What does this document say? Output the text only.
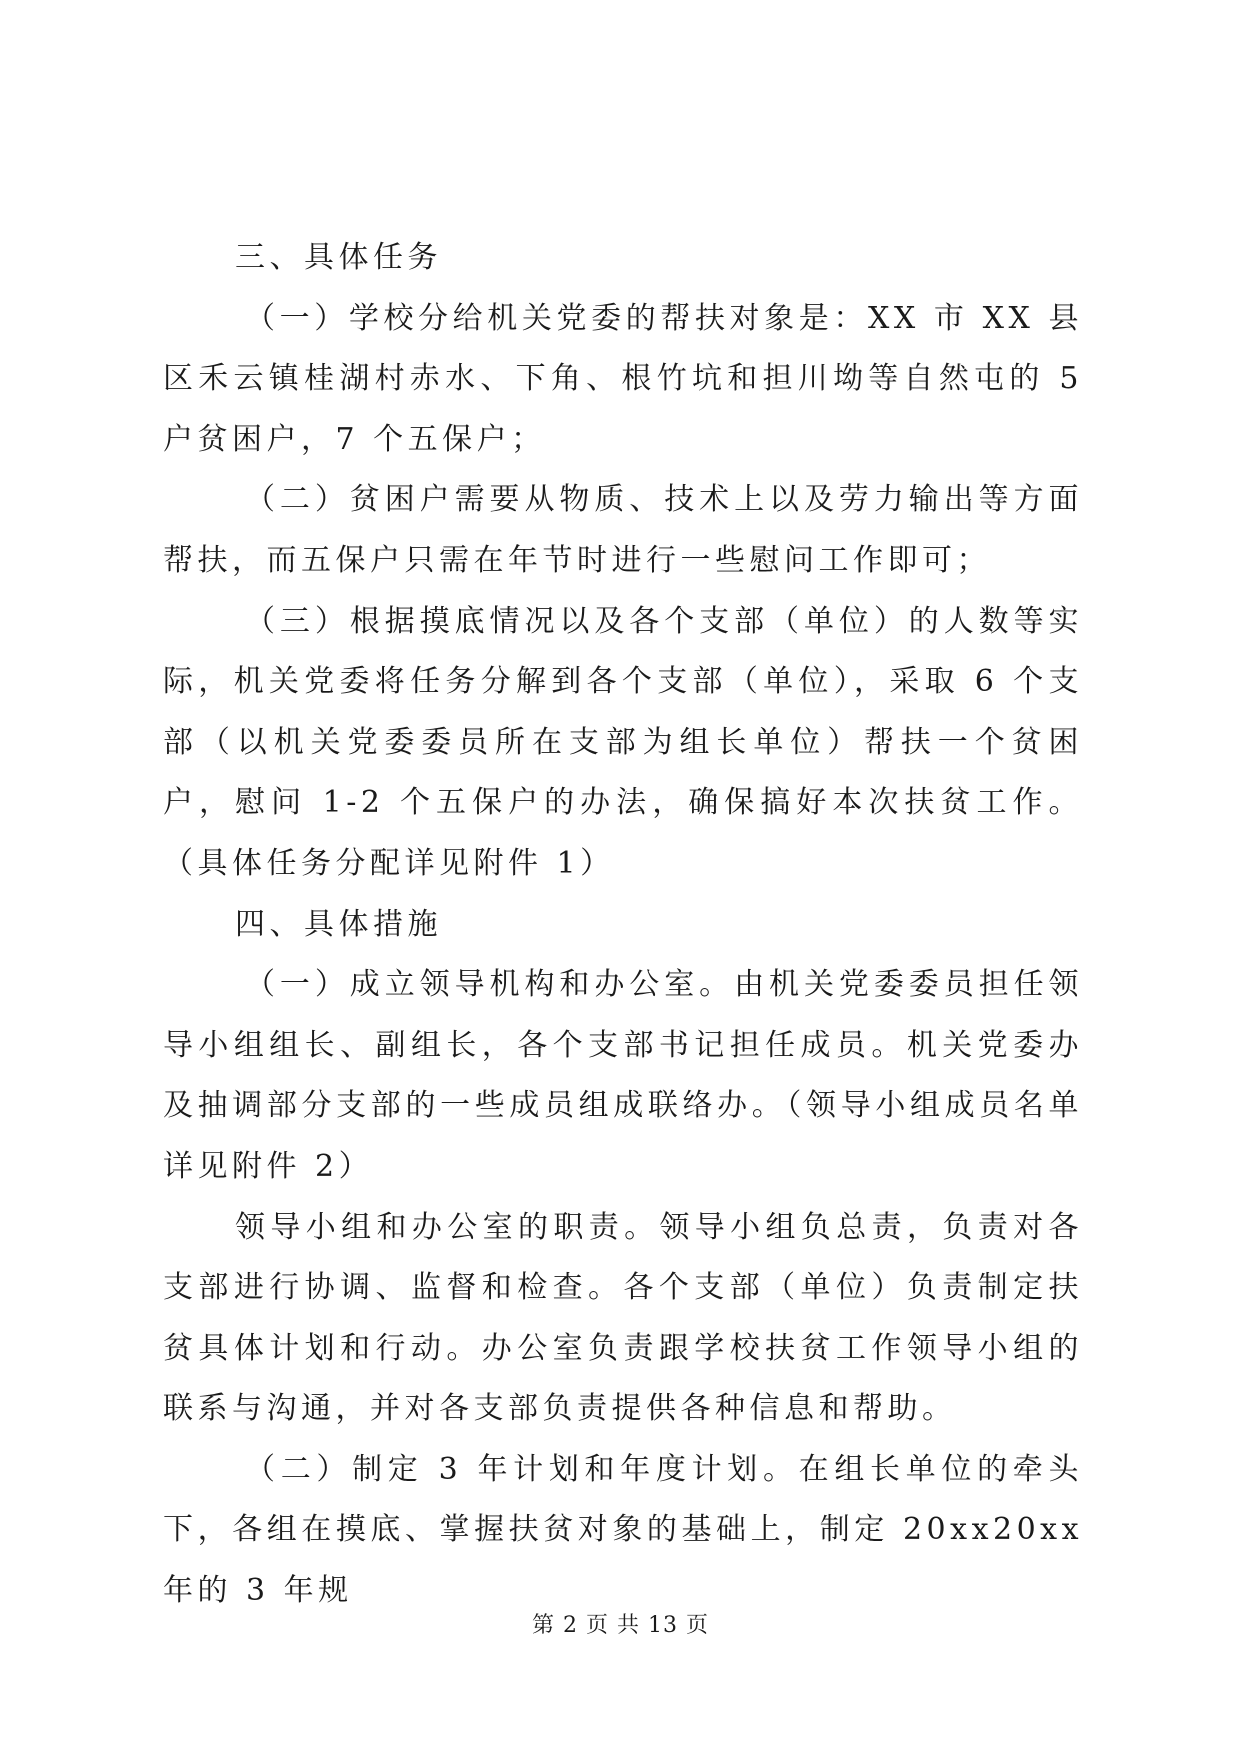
三、具体任务

（一）学校分给机关党委的帮扶对象是：XX 市 XX 县区禾云镇桂湖村赤水、下角、根竹坑和担川坳等自然屯的 5 户贫困户，7 个五保户；

（二）贫困户需要从物质、技术上以及劳力输出等方面帮扶，而五保户只需在年节时进行一些慰问工作即可；

（三）根据摸底情况以及各个支部（单位）的人数等实际，机关党委将任务分解到各个支部（单位），采取 6 个支部（以机关党委委员所在支部为组长单位）帮扶一个贫困户，慰问 1-2 个五保户的办法，确保搞好本次扶贫工作。（具体任务分配详见附件 1）

四、具体措施

（一）成立领导机构和办公室。由机关党委委员担任领导小组组长、副组长，各个支部书记担任成员。机关党委办及抽调部分支部的一些成员组成联络办。（领导小组成员名单详见附件 2）

领导小组和办公室的职责。领导小组负总责，负责对各支部进行协调、监督和检查。各个支部（单位）负责制定扶贫具体计划和行动。办公室负责跟学校扶贫工作领导小组的联系与沟通，并对各支部负责提供各种信息和帮助。

（二）制定 3 年计划和年度计划。在组长单位的牵头下，各组在摸底、掌握扶贫对象的基础上，制定 20xx20xx 年的 3 年规

第 2 页 共 13 页
